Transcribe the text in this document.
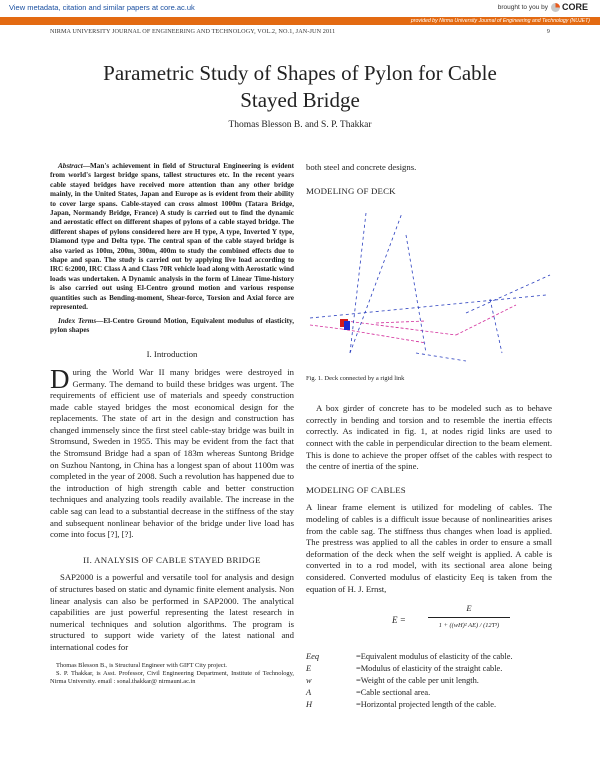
View metadata, citation and similar papers at core.ac.uk	brought to you by CORE
provided by Nirma University Journal of Engineering and Technology (NUJET)
NIRMA UNIVERSITY JOURNAL OF ENGINEERING AND TECHNOLOGY, VOL.2, NO.1, JAN-JUN 2011	9
Parametric Study of Shapes of Pylon for Cable
Stayed Bridge
Thomas Blesson B. and S. P. Thakkar

Abstract—Man's achievement in field of Structural Engineering is evident from world's largest bridge spans, tallest structures etc. In the recent years cable stayed bridges have received more attention than any other bridge mainly, in the United States, Japan and Europe as is evident from their ability to cover large spans. Cable-stayed can cross almost 1000m (Tatara Bridge, Japan, Normandy Bridge, France) A study is carried out to find the dynamic and aerostatic effect on different shapes of pylons of a cable stayed bridge. The different shapes of pylons considered here are H type, A type, Inverted Y type, Diamond type and Delta type. The central span of the cable stayed bridge is also varied as 100m, 200m, 300m, 400m to study the combined effects due to shape and span. The study is carried out by applying live load according to IRC 6:2000, IRC Class A and Class 70R vehicle load along with Aerostatic wind loads was undertaken. A Dynamic analysis in the form of Linear Time-history is also carried out using El-Centro ground motion and various response quantities such as Bending-moment, Shear-force, Torsion and Axial force are represented.

Index Terms—El-Centro Ground Motion, Equivalent modulus of elasticity, pylon shapes

I. Introduction

During the World War II many bridges were destroyed in Germany. The demand to build these bridges was urgent. The requirements of efficient use of materials and speedy construction made cable stayed bridges the most economical design for the replacements. The state of art in the design and construction has changed immensely since the first steel cable-stay bridge was built in Stromsund, Sweden in 1955. This may be evident from the fact that the Stromsund Bridge had a span of 183m whereas Suntong Bridge on Suzhou Nantong, in China has a longest span of about 1100m was completed in the year of 2008. Such a revolution has happened due to the introduction of high strength cable and better construction techniques and analyzing tools readily available. The increase in the cable sag can lead to a substantial decrease in the stiffness of the stay and subsequent nonlinear behavior of the bridge under live load has come into focus [?], [?].

II. ANALYSIS OF CABLE STAYED BRIDGE

SAP2000 is a powerful and versatile tool for analysis and design of structures based on static and dynamic finite element analysis. Non linear analysis can also be performed in SAP2000. The analytical capabilities are just powerful representing the latest research in numerical techniques and solution algorithms. The program is structured to support wide variety of the latest national and international codes for

Thomas Blesson B., is Structural Engineer with GIFT City project.

S. P. Thakkar, is Asst. Professor, Civil Engineering Department, Institute of Technology, Nirma University. email : sonal.thakkar@ nirmauni.ac.in

both steel and concrete designs.

MODELING OF DECK
Fig. 1. Deck connected by a rigid link

A box girder of concrete has to be modeled such as to behave correctly in bending and torsion and to resemble the inertia effects correctly. As indicated in fig. 1, at nodes rigid links are used to connect with the cable in perpendicular direction to the beam element. This is done to achieve the proper offset of the cables with respect to the centre of inertia of the spine.

MODELING OF CABLES

A linear frame element is utilized for modeling of cables. The modeling of cables is a difficult issue because of nonlinearities arises from the cable sag. The stiffness thus changes when load is applied. The prestress was applied to all the cables in order to ensure a small deformation of the deck when the self weight is applied. A cable is converted in to a rod model, with its sectional area alone being considered. Converted modulus of elasticity Eeq is taken from the equation of H. J. Ernst,

E =
E
1 + ((wH)² AE) / (12T³)
Eeq	=Equivalent modulus of elasticity of the cable.
E	=Modulus of elasticity of the straight cable.
w	=Weight of the cable per unit length.
A	=Cable sectional area.
H	=Horizontal projected length of the cable.
